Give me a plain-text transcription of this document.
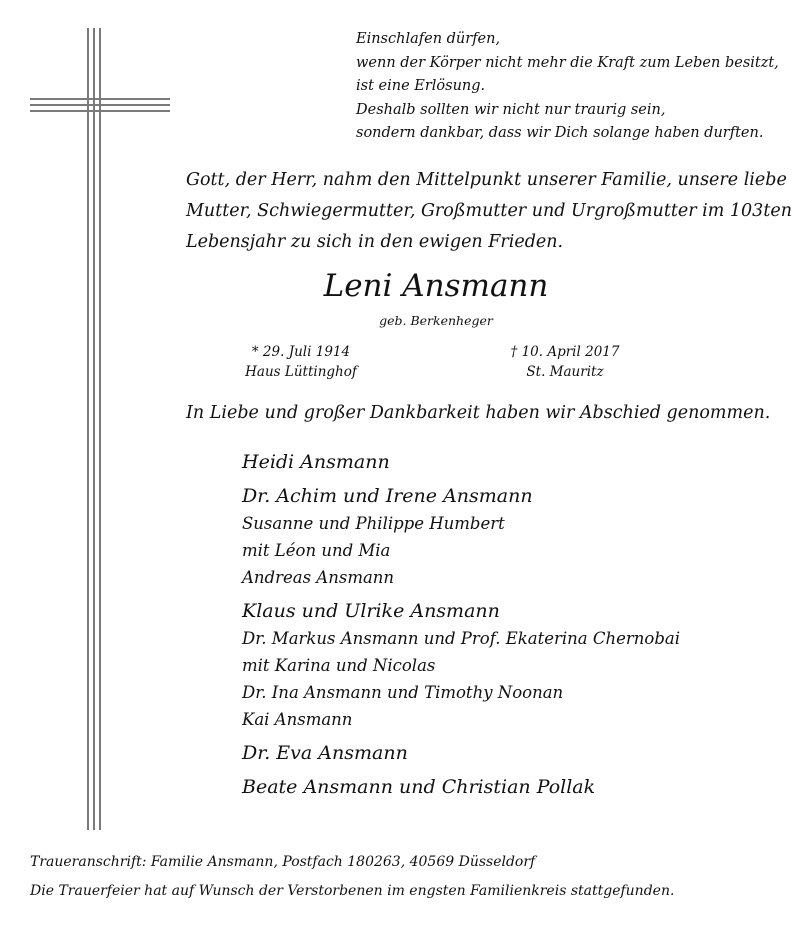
Einschlafen dürfen,
wenn der Körper nicht mehr die Kraft zum Leben besitzt,
ist eine Erlösung.
Deshalb sollten wir nicht nur traurig sein,
sondern dankbar, dass wir Dich solange haben durften.
Gott, der Herr, nahm den Mittelpunkt unserer Familie, unsere liebe
Mutter, Schwiegermutter, Großmutter und Urgroßmutter im 103ten
Lebensjahr zu sich in den ewigen Frieden.
Leni Ansmann
geb. Berkenheger
* 29. Juli 1914
Haus Lüttinghof
† 10. April 2017
St. Mauritz
In Liebe und großer Dankbarkeit haben wir Abschied genommen.
Heidi Ansmann
Dr. Achim und Irene Ansmann
Susanne und Philippe Humbert
mit Léon und Mia
Andreas Ansmann
Klaus und Ulrike Ansmann
Dr. Markus Ansmann und Prof. Ekaterina Chernobai
mit Karina und Nicolas
Dr. Ina Ansmann und Timothy Noonan
Kai Ansmann
Dr. Eva Ansmann
Beate Ansmann und Christian Pollak
Traueranschrift: Familie Ansmann, Postfach 180263, 40569 Düsseldorf
Die Trauerfeier hat auf Wunsch der Verstorbenen im engsten Familienkreis stattgefunden.
